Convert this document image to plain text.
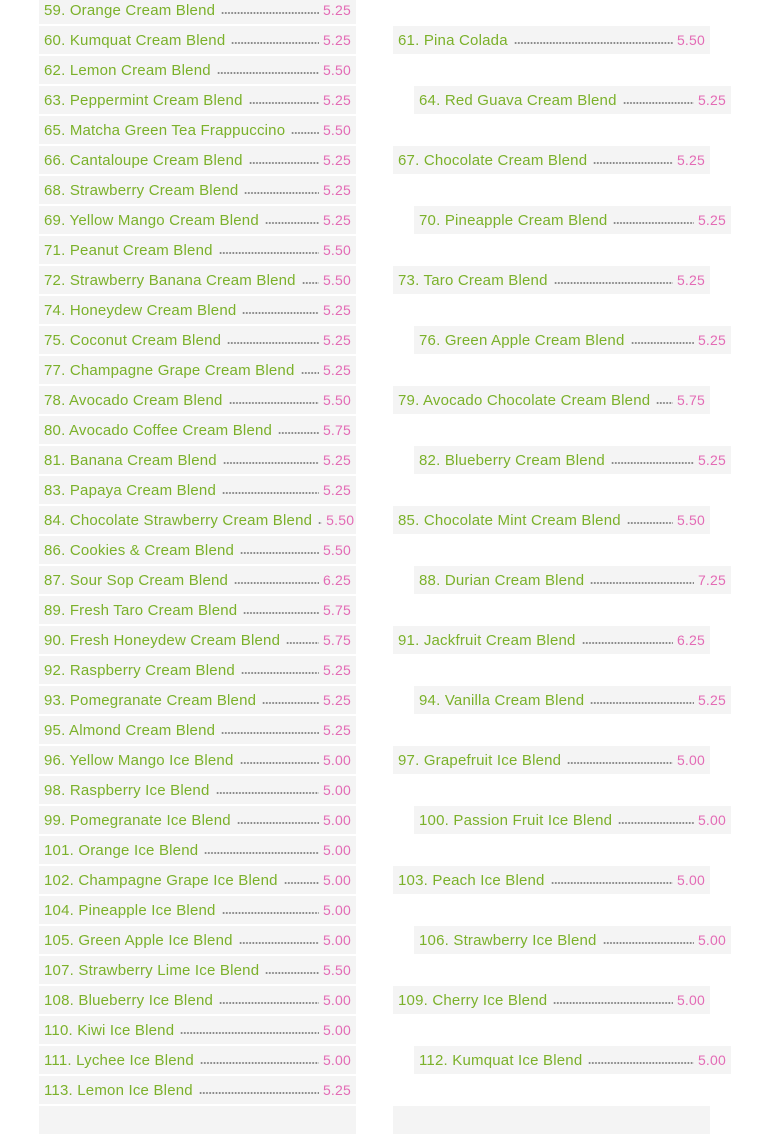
59. Orange Cream Blend	5.25
60. Kumquat Cream Blend	5.25	61. Pina Colada	5.50
62. Lemon Cream Blend	5.50
63. Peppermint Cream Blend	5.25	64. Red Guava Cream Blend	5.25
65. Matcha Green Tea Frappuccino	5.50
66. Cantaloupe Cream Blend	5.25	67. Chocolate Cream Blend	5.25
68. Strawberry Cream Blend	5.25
69. Yellow Mango Cream Blend	5.25	70. Pineapple Cream Blend	5.25
71. Peanut Cream Blend	5.50
72. Strawberry Banana Cream Blend 5.50	73. Taro Cream Blend	5.25
74. Honeydew Cream Blend	5.25
75. Coconut Cream Blend	5.25	76. Green Apple Cream Blend	5.25
77. Champagne Grape Cream Blend 5.25
78. Avocado Cream Blend	5.50	79. Avocado Chocolate Cream Blend 5.75
80. Avocado Coffee Cream Blend	5.75
81. Banana Cream Blend	5.25	82. Blueberry Cream Blend	5.25
83. Papaya Cream Blend	5.25
84. Chocolate Strawberry Cream Blend 5.50	85. Chocolate Mint Cream Blend	5.50
86. Cookies & Cream Blend	5.50
87. Sour Sop Cream Blend	6.25	88. Durian Cream Blend	7.25
89. Fresh Taro Cream Blend	5.75
90. Fresh Honeydew Cream Blend	5.75	91. Jackfruit Cream Blend	6.25
92. Raspberry Cream Blend	5.25
93. Pomegranate Cream Blend	5.25	94. Vanilla Cream Blend	5.25
95. Almond Cream Blend	5.25
96. Yellow Mango Ice Blend	5.00	97. Grapefruit Ice Blend	5.00
98. Raspberry Ice Blend	5.00
99. Pomegranate Ice Blend	5.00	100. Passion Fruit Ice Blend	5.00
101. Orange Ice Blend	5.00
102. Champagne Grape Ice Blend	5.00	103. Peach Ice Blend	5.00
104. Pineapple Ice Blend	5.00
105. Green Apple Ice Blend	5.00	106. Strawberry Ice Blend	5.00
107. Strawberry Lime Ice Blend	5.50
108. Blueberry Ice Blend	5.00	109. Cherry Ice Blend	5.00
110. Kiwi Ice Blend	5.00
111. Lychee Ice Blend	5.00	112. Kumquat Ice Blend	5.00
113. Lemon Ice Blend	5.25
